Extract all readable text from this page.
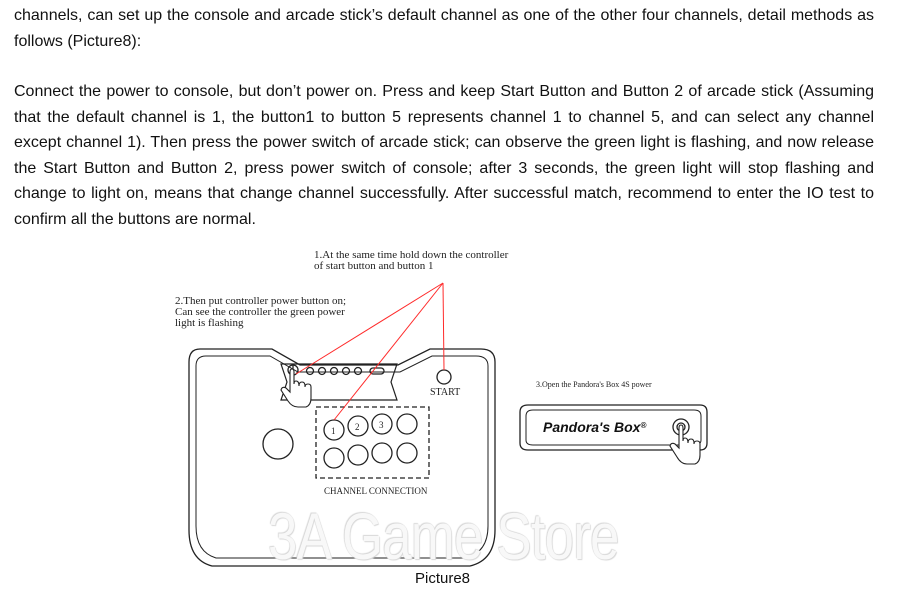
channels, can set up the console and arcade stick’s default channel as one of the other four channels, detail methods as follows (Picture8):

Connect the power to console, but don’t power on. Press and keep Start Button and Button 2 of arcade stick (Assuming that the default channel is 1, the button1 to button 5 represents channel 1 to channel 5, and can select any channel except channel 1). Then press the power switch of arcade stick; can observe the green light is flashing, and now release the Start Button and Button 2, press power switch of console; after 3 seconds, the green light will stop flashing and change to light on, means that change channel successfully. After successful match, recommend to enter the IO test to confirm all the buttons are normal.

1.At the same time hold down the controller
of start button and button 1
2.Then put controller power button on;
Can see the controller the green power
light is flashing
3.Open the Pandora's Box 4S power
START
1 2 3
CHANNEL CONNECTION
Pandora's Box®
3A Game Store
Picture8
